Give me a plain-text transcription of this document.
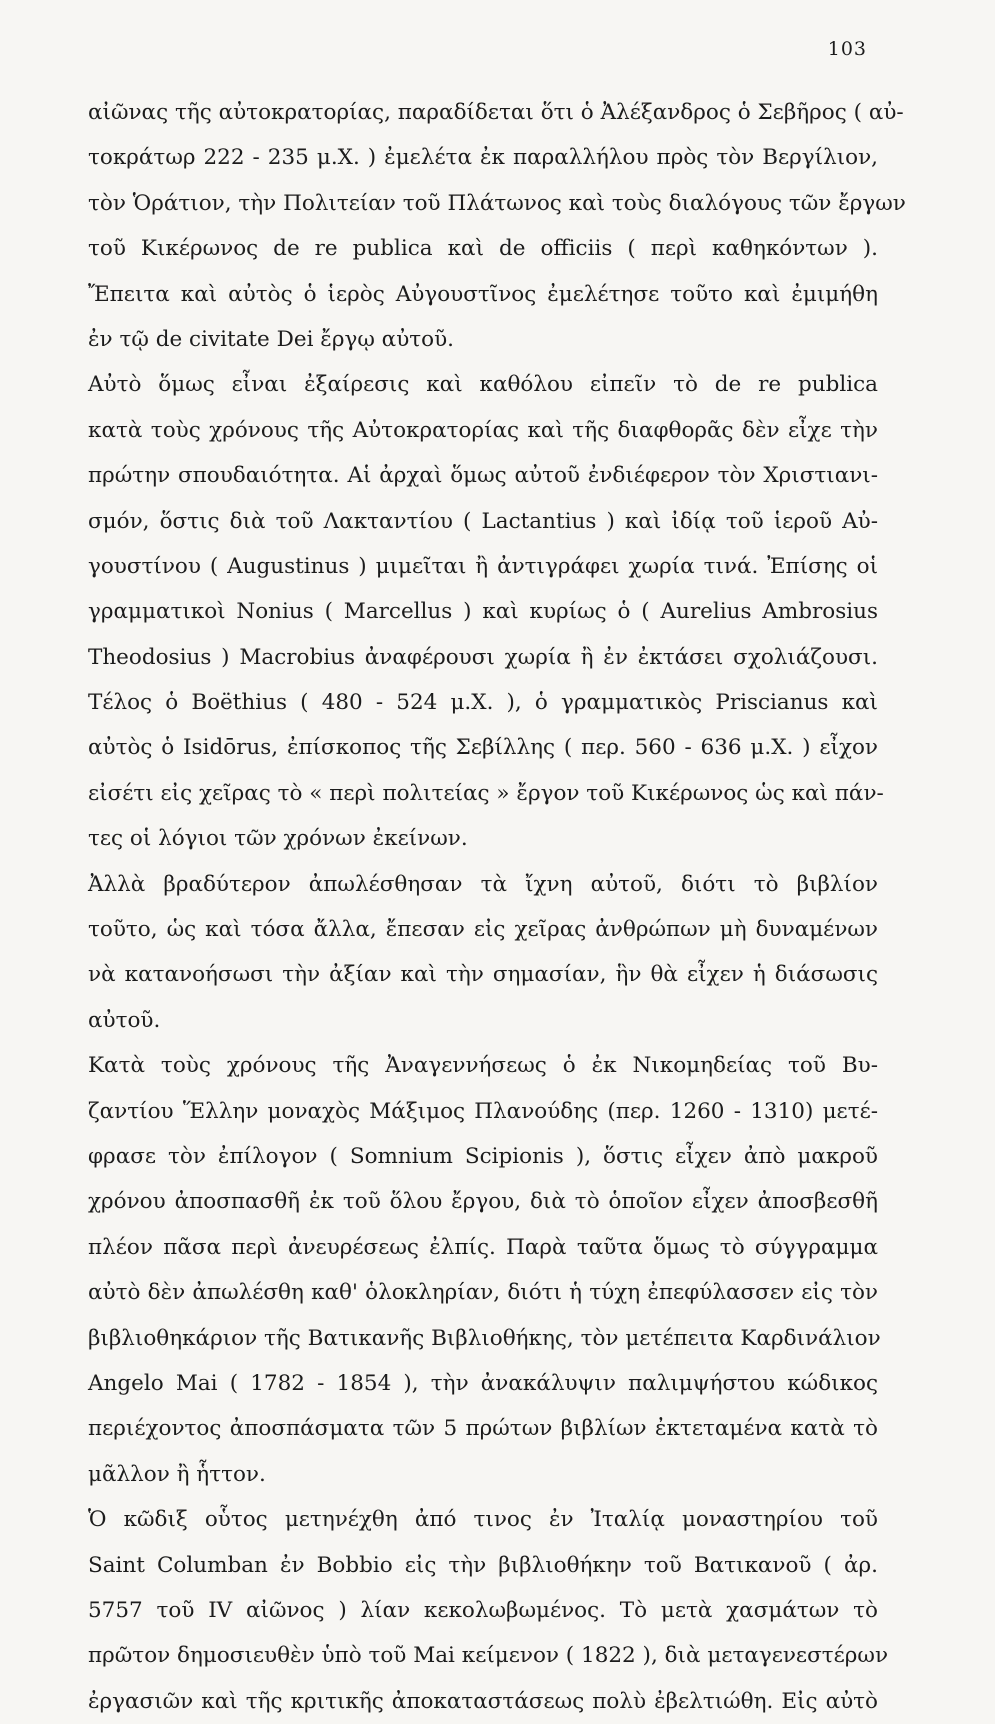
103
αἰῶνας τῆς αὐτοκρατορίας, παραδίδεται ὅτι ὁ Ἀλέξανδρος ὁ Σεβῆρος ( αὐ-
τοκράτωρ 222 - 235 μ.Χ. ) ἐμελέτα ἐκ παραλλήλου πρὸς τὸν Βεργίλιον,
τὸν Ὁράτιον, τὴν Πολιτείαν τοῦ Πλάτωνος καὶ τοὺς διαλόγους τῶν ἔργων
τοῦ Κικέρωνος de re publica καὶ de officiis ( περὶ καθηκόντων ).
Ἔπειτα καὶ αὐτὸς ὁ ἱερὸς Αὐγουστῖνος ἐμελέτησε τοῦτο καὶ ἐμιμήθη
ἐν τῷ de civitate Dei ἔργῳ αὐτοῦ.
Αὐτὸ ὅμως εἶναι ἐξαίρεσις καὶ καθόλου εἰπεῖν τὸ de re publica
κατὰ τοὺς χρόνους τῆς Αὐτοκρατορίας καὶ τῆς διαφθορᾶς δὲν εἶχε τὴν
πρώτην σπουδαιότητα. Αἱ ἀρχαὶ ὅμως αὐτοῦ ἐνδιέφερον τὸν Χριστιανι-
σμόν, ὅστις διὰ τοῦ Λακταντίου ( Lactantius ) καὶ ἰδίᾳ τοῦ ἱεροῦ Αὐ-
γουστίνου ( Augustinus ) μιμεῖται ἢ ἀντιγράφει χωρία τινά. Ἐπίσης οἱ
γραμματικοὶ Nonius ( Marcellus ) καὶ κυρίως ὁ ( Aurelius Ambrosius
Theodosius ) Macrobius ἀναφέρουσι χωρία ἢ ἐν ἐκτάσει σχολιάζουσι.
Τέλος ὁ Boëthius ( 480 - 524 μ.Χ. ), ὁ γραμματικὸς Priscianus καὶ
αὐτὸς ὁ Isidōrus, ἐπίσκοπος τῆς Σεβίλλης ( περ. 560 - 636 μ.Χ. ) εἶχον
εἰσέτι εἰς χεῖρας τὸ « περὶ πολιτείας » ἔργον τοῦ Κικέρωνος ὡς καὶ πάν-
τες οἱ λόγιοι τῶν χρόνων ἐκείνων.
Ἀλλὰ βραδύτερον ἀπωλέσθησαν τὰ ἴχνη αὐτοῦ, διότι τὸ βιβλίον
τοῦτο, ὡς καὶ τόσα ἄλλα, ἔπεσαν εἰς χεῖρας ἀνθρώπων μὴ δυναμένων
νὰ κατανοήσωσι τὴν ἀξίαν καὶ τὴν σημασίαν, ἣν θὰ εἶχεν ἡ διάσωσις
αὐτοῦ.
Κατὰ τοὺς χρόνους τῆς Ἀναγεννήσεως ὁ ἐκ Νικομηδείας τοῦ Βυ-
ζαντίου Ἕλλην μοναχὸς Μάξιμος Πλανούδης (περ. 1260 - 1310) μετέ-
φρασε τὸν ἐπίλογον ( Somnium Scipionis ), ὅστις εἶχεν ἀπὸ μακροῦ
χρόνου ἀποσπασθῆ ἐκ τοῦ ὅλου ἔργου, διὰ τὸ ὁποῖον εἶχεν ἀποσβεσθῆ
πλέον πᾶσα περὶ ἀνευρέσεως ἐλπίς. Παρὰ ταῦτα ὅμως τὸ σύγγραμμα
αὐτὸ δὲν ἀπωλέσθη καθ' ὁλοκληρίαν, διότι ἡ τύχη ἐπεφύλασσεν εἰς τὸν
βιβλιοθηκάριον τῆς Βατικανῆς Βιβλιοθήκης, τὸν μετέπειτα Καρδινάλιον
Angelo Mai ( 1782 - 1854 ), τὴν ἀνακάλυψιν παλιμψήστου κώδικος
περιέχοντος ἀποσπάσματα τῶν 5 πρώτων βιβλίων ἐκτεταμένα κατὰ τὸ
μᾶλλον ἢ ἧττον.
Ὁ κῶδιξ οὗτος μετηνέχθη ἀπό τινος ἐν Ἰταλίᾳ μοναστηρίου τοῦ
Saint Columban ἐν Bobbio εἰς τὴν βιβλιοθήκην τοῦ Βατικανοῦ ( ἀρ.
5757 τοῦ IV αἰῶνος ) λίαν κεκολωβωμένος. Τὸ μετὰ χασμάτων τὸ
πρῶτον δημοσιευθὲν ὑπὸ τοῦ Mai κείμενον ( 1822 ), διὰ μεταγενεστέρων
ἐργασιῶν καὶ τῆς κριτικῆς ἀποκαταστάσεως πολὺ ἐβελτιώθη. Εἰς αὐτὸ
